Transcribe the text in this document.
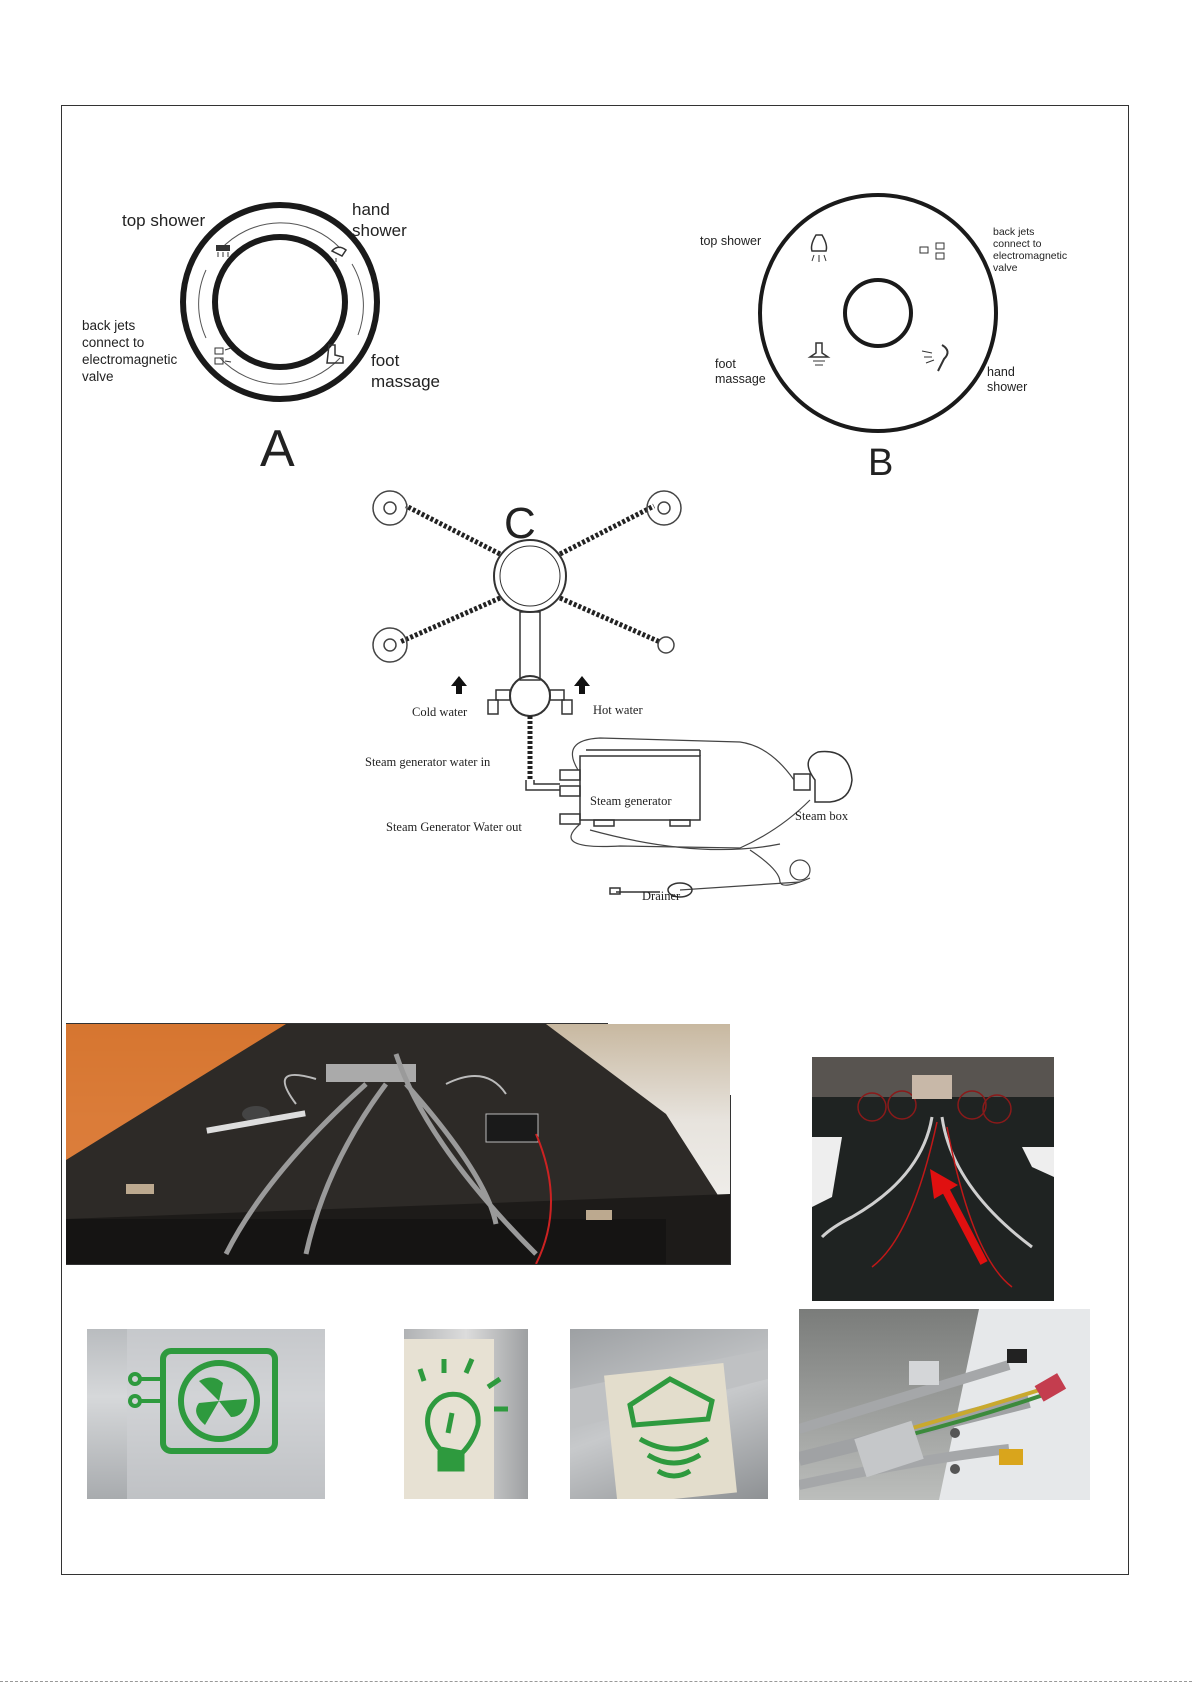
top shower
hand
shower
back jets
connect to
electromagnetic
valve
foot
massage
A
top shower
back jets
connect to
electromagnetic
valve
foot
massage	hand
shower
B
C
Cold water	Hot water
Steam generator water in
Steam generator
Steam Generator Water out
Steam box
Drainer
